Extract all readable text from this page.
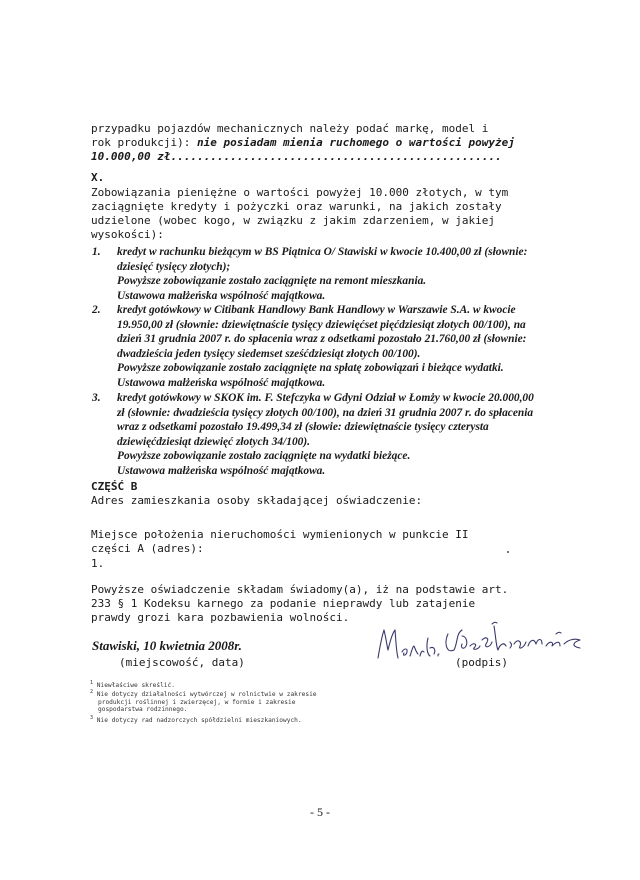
przypadku pojazdów mechanicznych należy podać markę, model i
rok produkcji): nie posiadam mienia ruchomego o wartości powyżej
10.000,00 zł..................................................
X.
Zobowiązania pieniężne o wartości powyżej 10.000 złotych, w tym
zaciągnięte kredyty i pożyczki oraz warunki, na jakich zostały
udzielone (wobec kogo, w związku z jakim zdarzeniem, w jakiej
wysokości):
1. kredyt w rachunku bieżącym w BS Piątnica O/ Stawiski w kwocie 10.400,00 zł (słownie:
dziesięć tysięcy złotych);
Powyższe zobowiązanie zostało zaciągnięte na remont mieszkania.
Ustawowa małżeńska wspólność majątkowa.
2. kredyt gotówkowy w Citibank Handlowy Bank Handlowy w Warszawie S.A. w kwocie
19.950,00 zł (słownie: dziewiętnaście tysięcy dziewięćset pięćdziesiąt złotych 00/100), na
dzień 31 grudnia 2007 r. do spłacenia wraz z odsetkami pozostało 21.760,00 zł (słownie:
dwadzieścia jeden tysięcy siedemset sześćdziesiąt złotych 00/100).
Powyższe zobowiązanie zostało zaciągnięte na spłatę zobowiązań i bieżące wydatki.
Ustawowa małżeńska wspólność majątkowa.
3. kredyt gotówkowy w SKOK im. F. Stefczyka w Gdyni Odział w Łomży w kwocie 20.000,00
zł (słownie: dwadzieścia tysięcy złotych 00/100), na dzień 31 grudnia 2007 r. do spłacenia
wraz z odsetkami pozostało 19.499,34 zł (słowie: dziewiętnaście tysięcy czterysta
dziewięćdziesiąt dziewięć złotych 34/100).
Powyższe zobowiązanie zostało zaciągnięte na wydatki bieżące.
Ustawowa małżeńska wspólność majątkowa.
CZĘŚĆ B
Adres zamieszkania osoby składającej oświadczenie:
Miejsce położenia nieruchomości wymienionych w punkcie II
części A (adres):
1.
Powyższe oświadczenie składam świadomy(a), iż na podstawie art.
233 § 1 Kodeksu karnego za podanie nieprawdy lub zatajenie
prawdy grozi kara pozbawienia wolności.
Stawiski, 10 kwietnia 2008r.
(miejscowość, data)	(podpis)
$^1$ Niewłaściwe skreślić.
$^2$ Nie dotyczy działalności wytwórczej w rolnictwie w zakresie
produkcji roślinnej i zwierzęcej, w formie i zakresie
gospodarstwa rodzinnego.
$^3$ Nie dotyczy rad nadzorczych spółdzielni mieszkaniowych.
- 5 -
